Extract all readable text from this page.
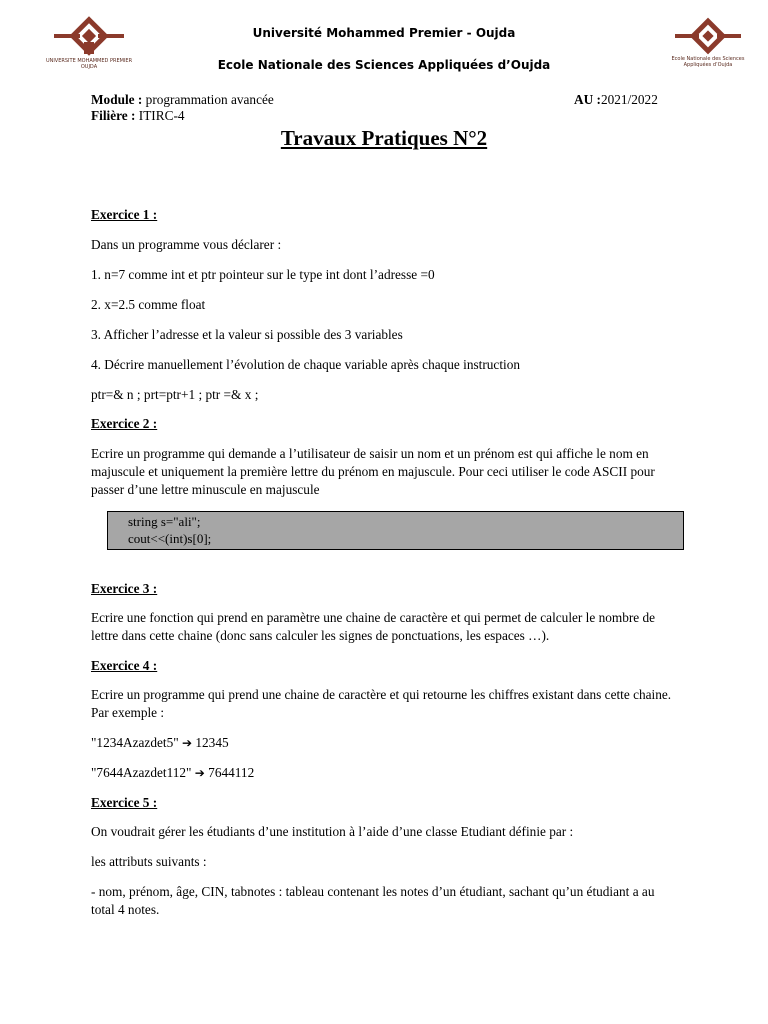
UNIVERSITE MOHAMMED PREMIER OUJDA
Ecole Nationale des Sciences Appliquées d’Oujda
Université Mohammed Premier - Oujda
Ecole Nationale des Sciences Appliquées d’Oujda
Module : programmation avancée
Filière : ITIRC-4
AU :2021/2022
Travaux Pratiques N°2
Exercice 1 :
Dans un programme vous déclarer :
1. n=7 comme int et ptr pointeur sur le type int dont l’adresse =0
2. x=2.5 comme float
3. Afficher l’adresse et la valeur si possible des 3 variables
4. Décrire manuellement l’évolution de chaque variable après chaque instruction
ptr=& n ; prt=ptr+1 ; ptr =& x ;
Exercice 2 :
Ecrire un programme qui demande a l’utilisateur de saisir un nom et un prénom est qui affiche le nom en majuscule et uniquement la première lettre du prénom en majuscule. Pour ceci utiliser le code ASCII pour passer d’une lettre minuscule en majuscule
string s="ali";
cout<<(int)s[0];
Exercice 3 :
Ecrire une fonction qui prend en paramètre une chaine de caractère et qui permet de calculer le nombre de lettre dans cette chaine (donc sans calculer les signes de ponctuations, les espaces …).
Exercice 4 :
Ecrire un programme qui prend une chaine de caractère et qui retourne les chiffres existant dans cette chaine. Par exemple :
"1234Azazdet5" ➔ 12345
"7644Azazdet112" ➔ 7644112
Exercice 5 :
On voudrait gérer les étudiants d’une institution à l’aide d’une classe Etudiant définie par :
les attributs suivants :
- nom, prénom, âge, CIN, tabnotes : tableau contenant les notes d’un étudiant, sachant qu’un étudiant a au total 4 notes.
